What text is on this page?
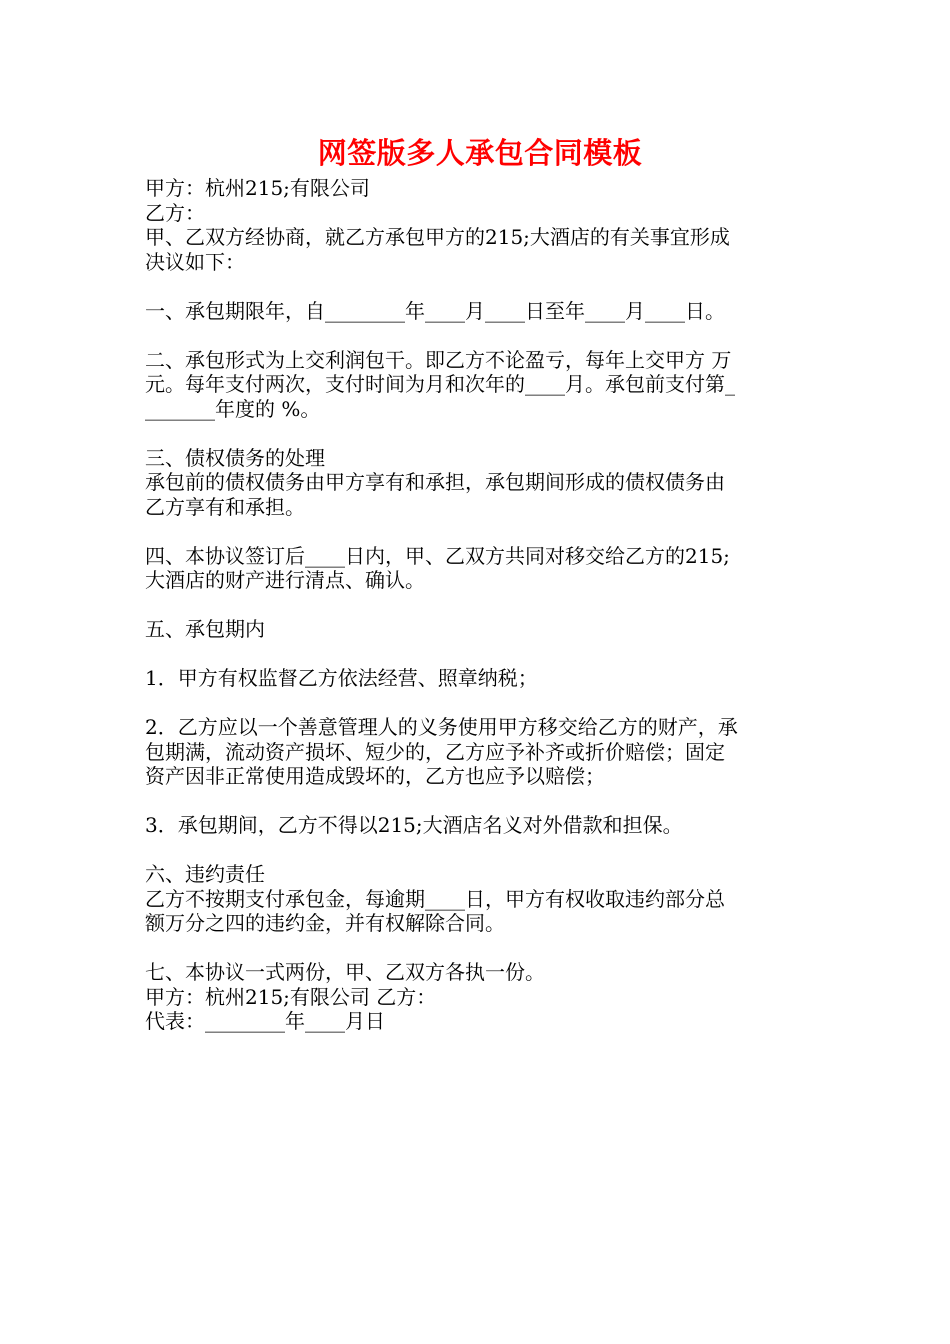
网签版多人承包合同模板
甲方：杭州215;有限公司
乙方：
甲、乙双方经协商，就乙方承包甲方的215;大酒店的有关事宜形成
决议如下：
一、承包期限年，自________年____月____日至年____月____日。
二、承包形式为上交利润包干。即乙方不论盈亏，每年上交甲方 万
元。每年支付两次，支付时间为月和次年的____月。承包前支付第_
_______年度的 %。
三、债权债务的处理
承包前的债权债务由甲方享有和承担，承包期间形成的债权债务由
乙方享有和承担。
四、本协议签订后____日内，甲、乙双方共同对移交给乙方的215;
大酒店的财产进行清点、确认。
五、承包期内
1．甲方有权监督乙方依法经营、照章纳税；
2．乙方应以一个善意管理人的义务使用甲方移交给乙方的财产，承
包期满，流动资产损坏、短少的，乙方应予补齐或折价赔偿；固定
资产因非正常使用造成毁坏的，乙方也应予以赔偿；
3．承包期间，乙方不得以215;大酒店名义对外借款和担保。
六、违约责任
乙方不按期支付承包金，每逾期____日，甲方有权收取违约部分总
额万分之四的违约金，并有权解除合同。
七、本协议一式两份，甲、乙双方各执一份。
甲方：杭州215;有限公司 乙方：
代表：________年____月日
